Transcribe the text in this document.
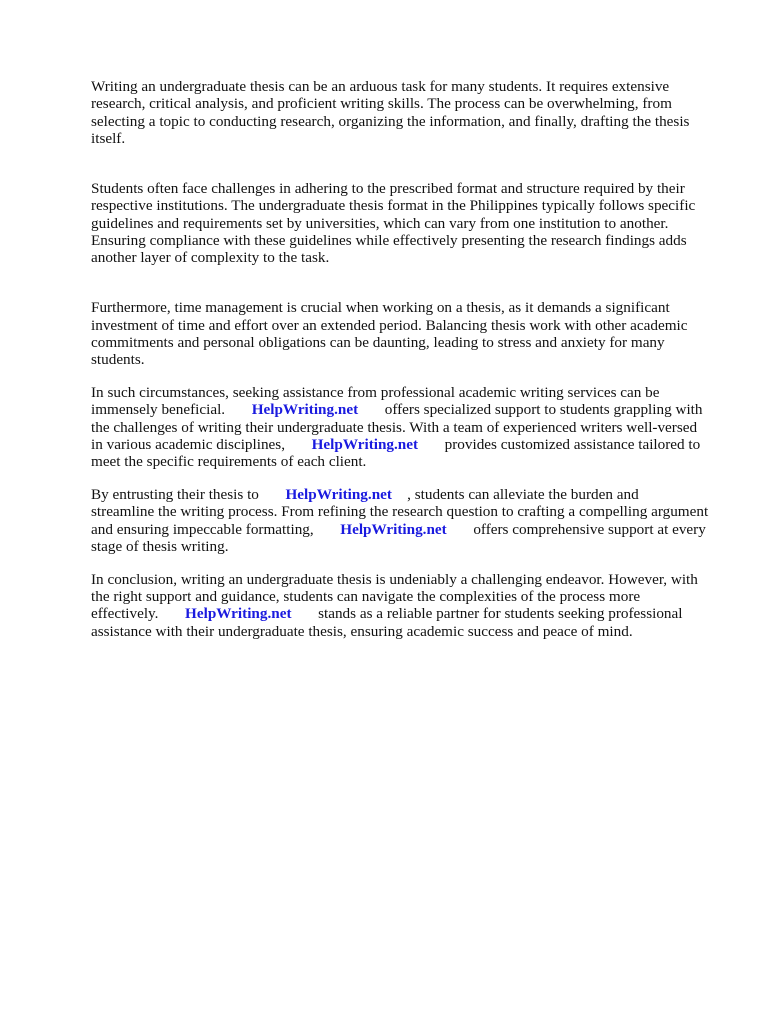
Writing an undergraduate thesis can be an arduous task for many students. It requires extensive
research, critical analysis, and proficient writing skills. The process can be overwhelming, from
selecting a topic to conducting research, organizing the information, and finally, drafting the thesis
itself.

Students often face challenges in adhering to the prescribed format and structure required by their
respective institutions. The undergraduate thesis format in the Philippines typically follows specific
guidelines and requirements set by universities, which can vary from one institution to another.
Ensuring compliance with these guidelines while effectively presenting the research findings adds
another layer of complexity to the task.

Furthermore, time management is crucial when working on a thesis, as it demands a significant
investment of time and effort over an extended period. Balancing thesis work with other academic
commitments and personal obligations can be daunting, leading to stress and anxiety for many
students.

In such circumstances, seeking assistance from professional academic writing services can be
immensely beneficial.       HelpWriting.net       offers specialized support to students grappling with
the challenges of writing their undergraduate thesis. With a team of experienced writers well-versed
in various academic disciplines,       HelpWriting.net       provides customized assistance tailored to
meet the specific requirements of each client.

By entrusting their thesis to       HelpWriting.net    , students can alleviate the burden and
streamline the writing process. From refining the research question to crafting a compelling argument
and ensuring impeccable formatting,       HelpWriting.net       offers comprehensive support at every
stage of thesis writing.

In conclusion, writing an undergraduate thesis is undeniably a challenging endeavor. However, with
the right support and guidance, students can navigate the complexities of the process more
effectively.       HelpWriting.net       stands as a reliable partner for students seeking professional
assistance with their undergraduate thesis, ensuring academic success and peace of mind.
